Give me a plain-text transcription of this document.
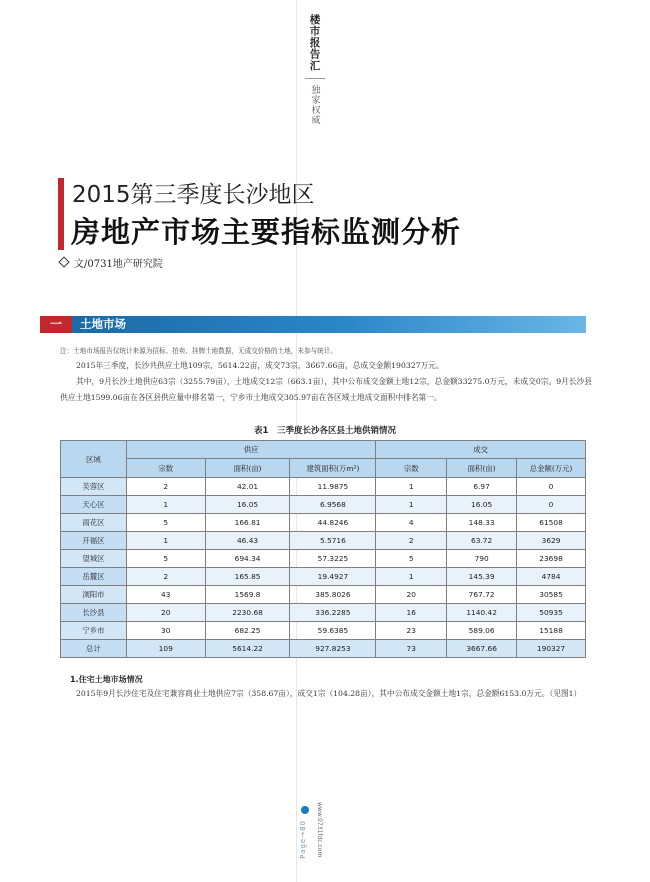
楼市报告汇
独家权威
2015第三季度长沙地区
房地产市场主要指标监测分析
文/0731地产研究院
一	土地市场
注：土地市场报告仅统计来源为招标、拍卖、挂牌土地数据，无成交价格的土地，未参与统计。
2015年三季度，长沙共供应土地109宗，5614.22亩，成交73宗，3667.66亩，总成交金额190327万元。
其中，9月长沙土地供应63宗（3255.79亩），土地成交12宗（663.1亩），其中公布成交金额土地12宗，总金额33275.0万元，未成交0宗。9月长沙县供应土地1599.06亩在各区县供应量中排名第一，宁乡市土地成交305.97亩在各区域土地成交面积中排名第一。
表1　三季度长沙各区县土地供销情况
区域	供应			成交		
	宗数	面积(亩)	建筑面积(万m²)	宗数	面积(亩)	总金额(万元)
芙蓉区	2	42.01	11.9875	1	6.97	0
天心区	1	16.05	6.9568	1	16.05	0
雨花区	5	166.81	44.8246	4	148.33	61508
开福区	1	46.43	5.5716	2	63.72	3629
望城区	5	694.34	57.3225	5	790	23698
岳麓区	2	165.85	19.4927	1	145.39	4784
浏阳市	43	1569.8	385.8026	20	767.72	30585
长沙县	20	2230.68	336.2285	16	1140.42	50935
宁乡市	30	682.25	59.6385	23	589.06	15188
总计	109	5614.22	927.8253	73	3667.66	190327
1.住宅土地市场情况
2015年9月长沙住宅及住宅兼容商业土地供应7宗（358.67亩），成交1宗（104.28亩），其中公布成交金额土地1宗，总金额6153.0万元。（见图1）
Page→80 www.0731fdc.com
